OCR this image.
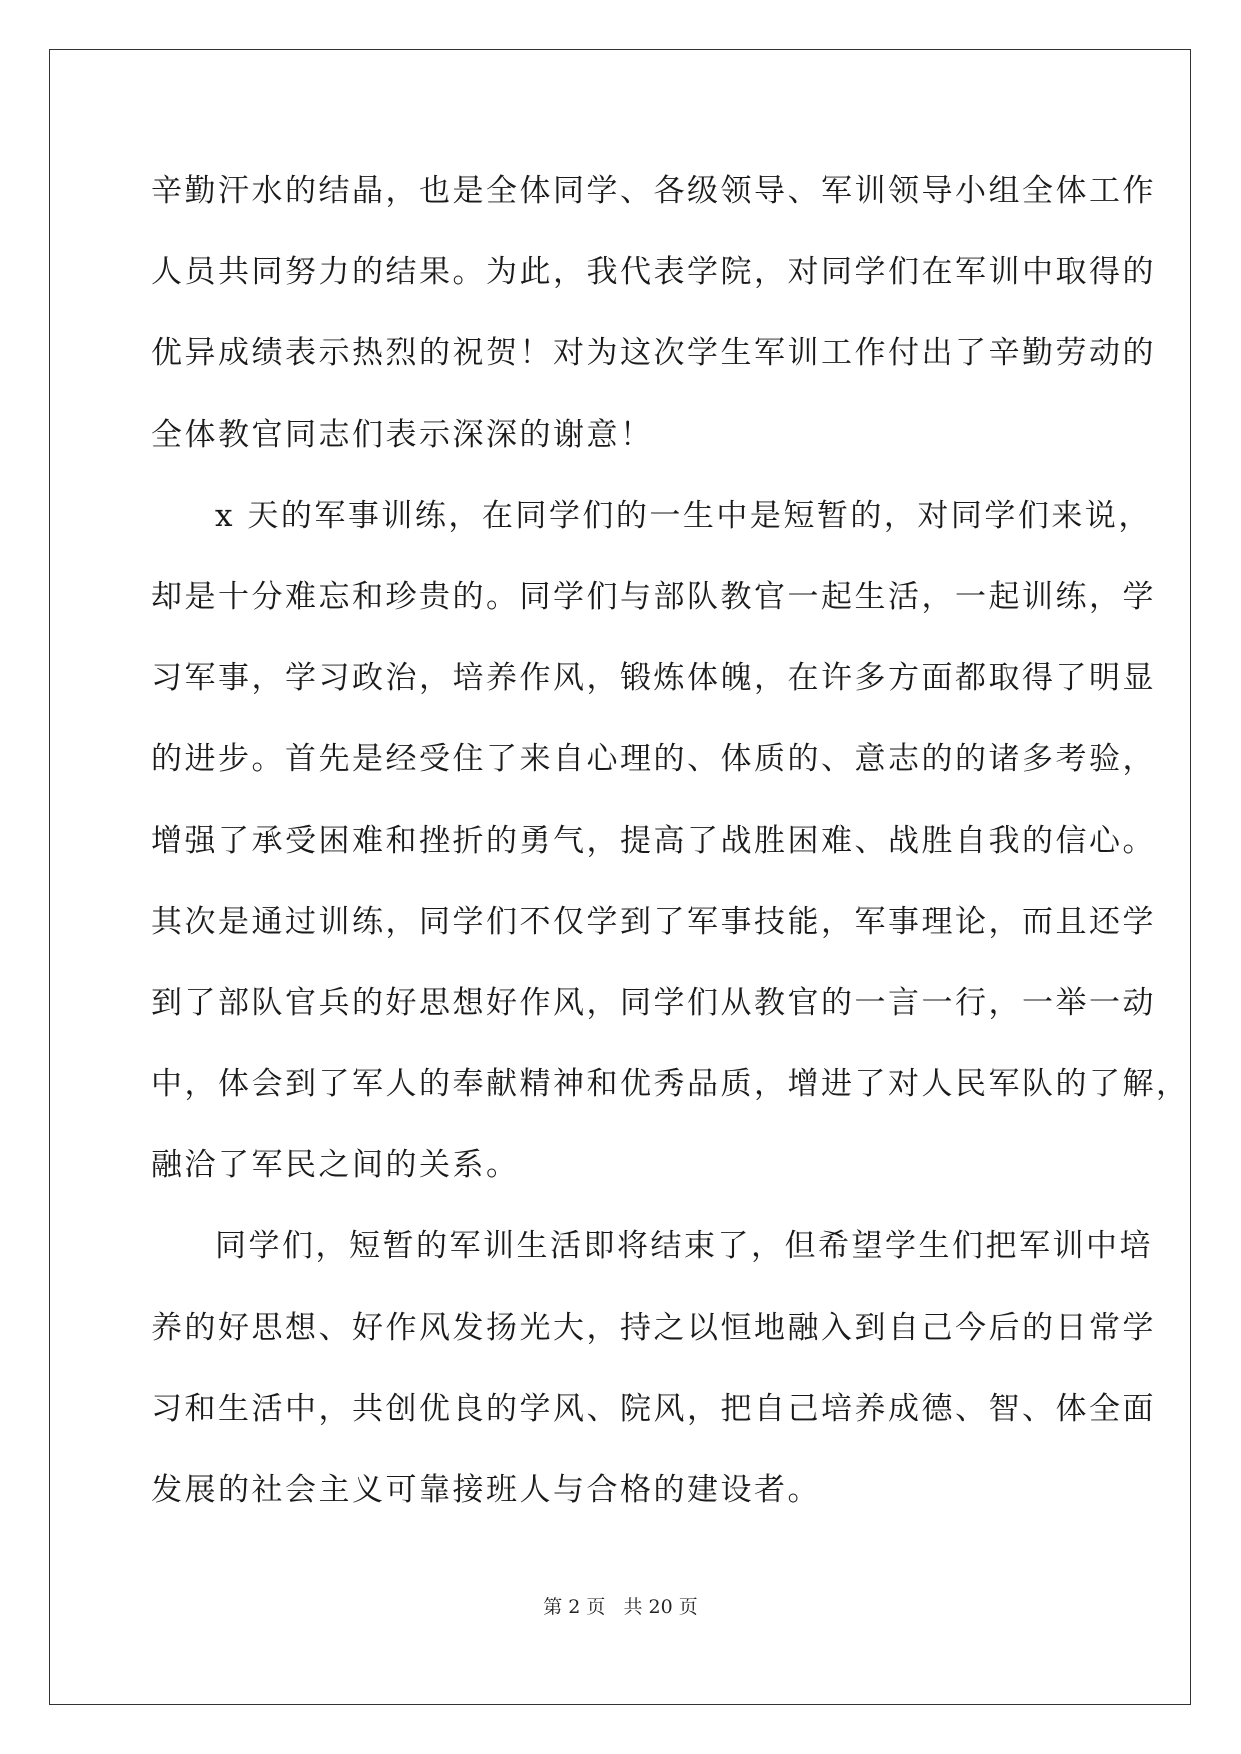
辛勤汗水的结晶，也是全体同学、各级领导、军训领导小组全体工作
人员共同努力的结果。为此，我代表学院，对同学们在军训中取得的
优异成绩表示热烈的祝贺！对为这次学生军训工作付出了辛勤劳动的
全体教官同志们表示深深的谢意！
x 天的军事训练，在同学们的一生中是短暂的，对同学们来说，
却是十分难忘和珍贵的。同学们与部队教官一起生活，一起训练，学
习军事，学习政治，培养作风，锻炼体魄，在许多方面都取得了明显
的进步。首先是经受住了来自心理的、体质的、意志的的诸多考验，
增强了承受困难和挫折的勇气，提高了战胜困难、战胜自我的信心。
其次是通过训练，同学们不仅学到了军事技能，军事理论，而且还学
到了部队官兵的好思想好作风，同学们从教官的一言一行，一举一动
中，体会到了军人的奉献精神和优秀品质，增进了对人民军队的了解，
融洽了军民之间的关系。
同学们，短暂的军训生活即将结束了，但希望学生们把军训中培
养的好思想、好作风发扬光大，持之以恒地融入到自己今后的日常学
习和生活中，共创优良的学风、院风，把自己培养成德、智、体全面
发展的社会主义可靠接班人与合格的建设者。
第 2 页 共 20 页
